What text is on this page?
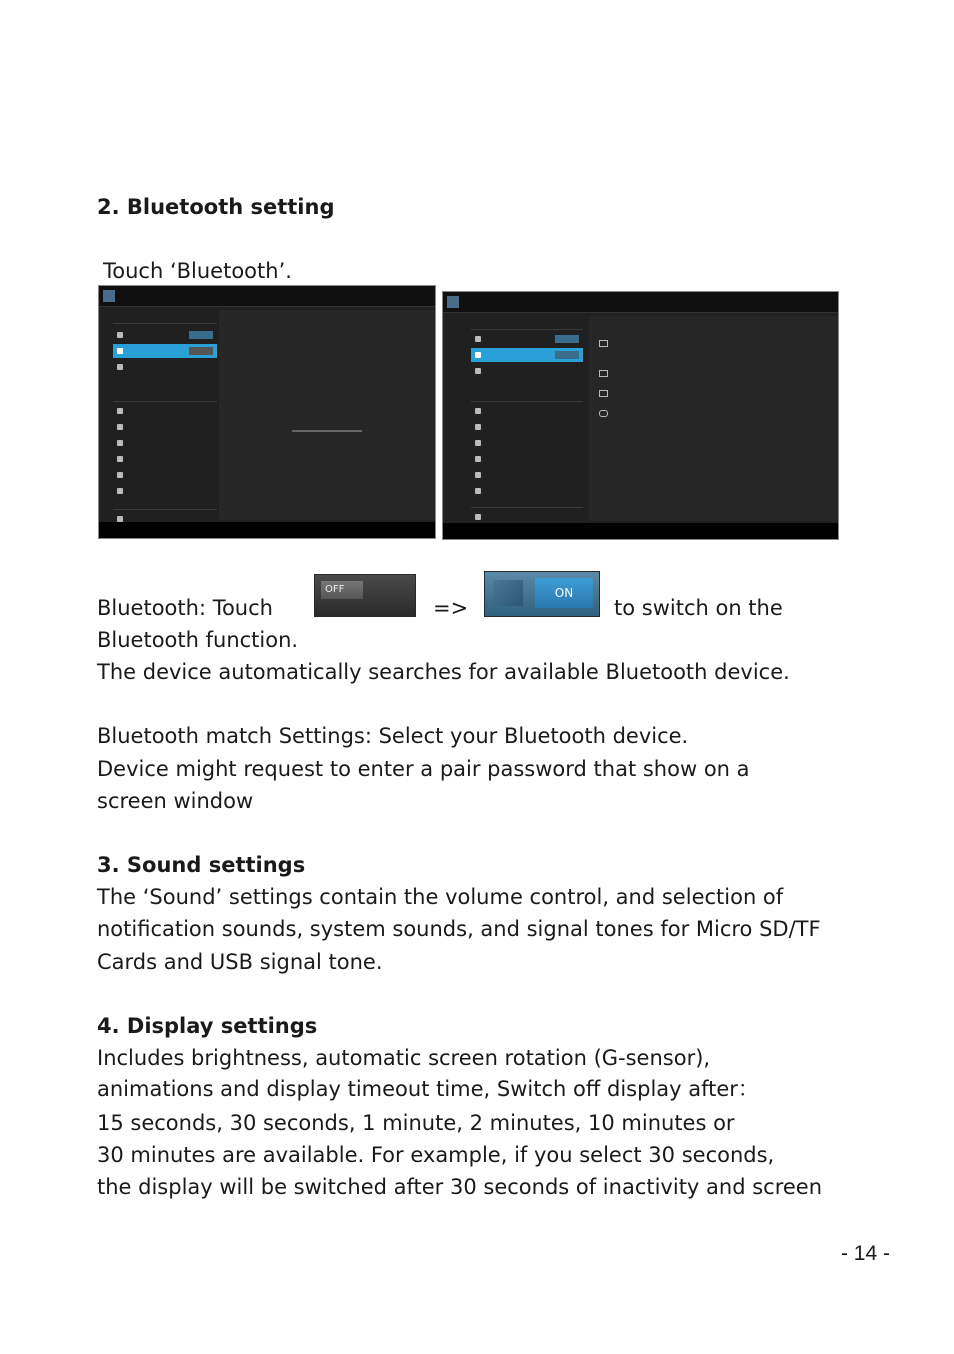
2. Bluetooth setting
Touch ‘Bluetooth’.
Bluetooth: Touch
OFF
=>
ON
to switch on the
Bluetooth function.
The device automatically searches for available Bluetooth device.
Bluetooth match Settings: Select your Bluetooth device.
Device might request to enter a pair password that show on a
screen window
3. Sound settings
The ‘Sound’ settings contain the volume control, and selection of
notification sounds, system sounds, and signal tones for Micro SD/TF
Cards and USB signal tone.
4. Display settings
Includes brightness, automatic screen rotation (G-sensor),
animations and display timeout time, Switch off display after：
15 seconds, 30 seconds, 1 minute, 2 minutes, 10 minutes or
30 minutes are available. For example, if you select 30 seconds,
the display will be switched after 30 seconds of inactivity and screen
- 14 -
